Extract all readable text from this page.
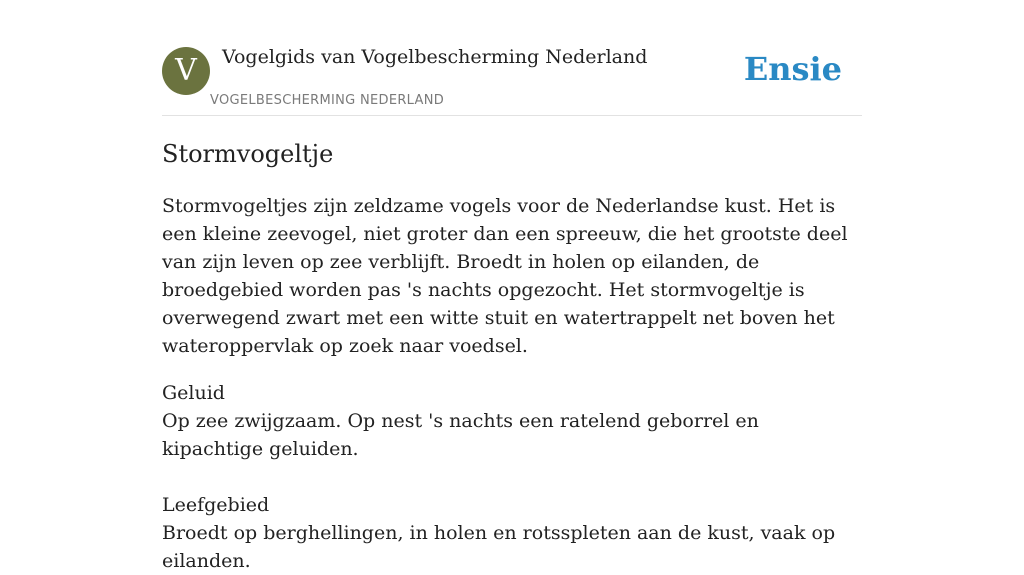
V	Vogelgids van Vogelbescherming Nederland
VOGELBESCHERMING NEDERLAND
Ensie
Stormvogeltje

Stormvogeltjes zijn zeldzame vogels voor de Nederlandse kust. Het is een kleine zeevogel, niet groter dan een spreeuw, die het grootste deel van zijn leven op zee verblijft. Broedt in holen op eilanden, de broedgebied worden pas 's nachts opgezocht. Het stormvogeltje is overwegend zwart met een witte stuit en watertrappelt net boven het wateroppervlak op zoek naar voedsel.

Geluid

Op zee zwijgzaam. Op nest 's nachts een ratelend geborrel en kipachtige geluiden.

Leefgebied

Broedt op berghellingen, in holen en rotsspleten aan de kust, vaak op eilanden.
